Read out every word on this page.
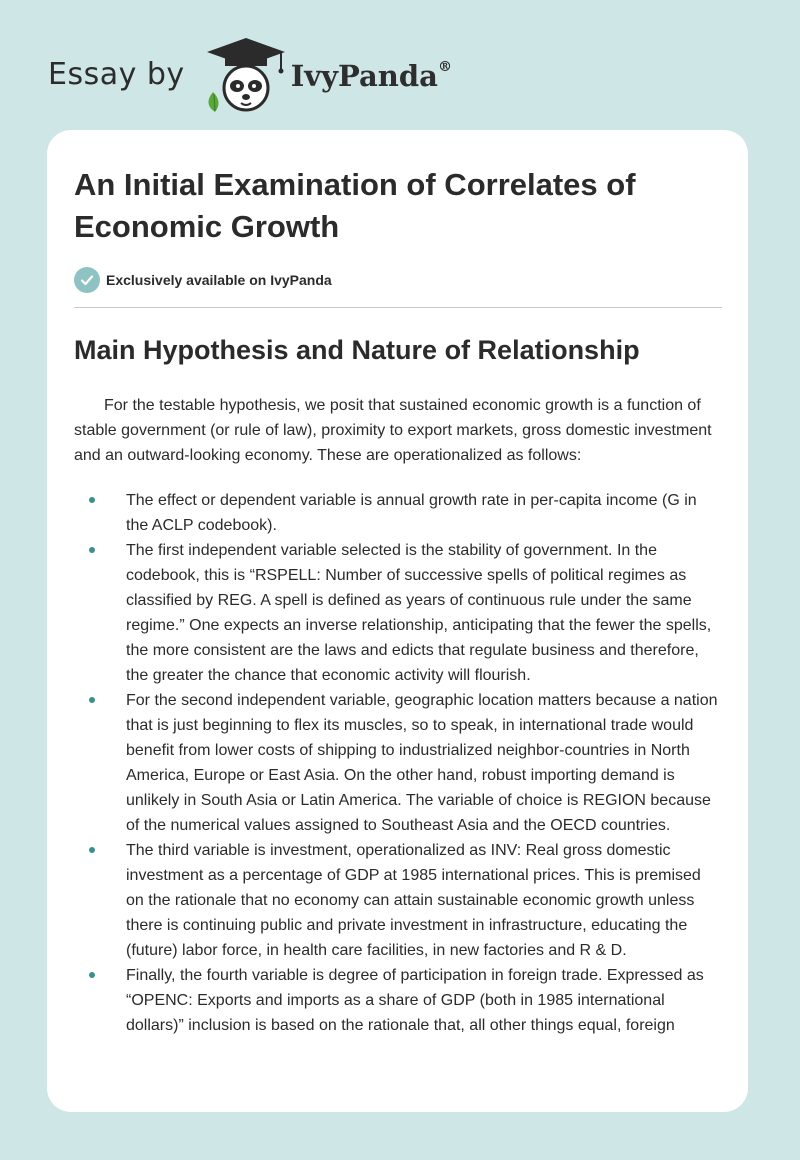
Essay by	IvyPanda®
An Initial Examination of Correlates of Economic Growth
Exclusively available on IvyPanda
Main Hypothesis and Nature of Relationship

For the testable hypothesis, we posit that sustained economic growth is a function of stable government (or rule of law), proximity to export markets, gross domestic investment and an outward-looking economy. These are operationalized as follows:

The effect or dependent variable is annual growth rate in per-capita income (G in the ACLP codebook).
The first independent variable selected is the stability of government. In the codebook, this is “RSPELL: Number of successive spells of political regimes as classified by REG. A spell is defined as years of continuous rule under the same regime.” One expects an inverse relationship, anticipating that the fewer the spells, the more consistent are the laws and edicts that regulate business and therefore, the greater the chance that economic activity will flourish.
For the second independent variable, geographic location matters because a nation that is just beginning to flex its muscles, so to speak, in international trade would benefit from lower costs of shipping to industrialized neighbor-countries in North America, Europe or East Asia. On the other hand, robust importing demand is unlikely in South Asia or Latin America. The variable of choice is REGION because of the numerical values assigned to Southeast Asia and the OECD countries.
The third variable is investment, operationalized as INV: Real gross domestic investment as a percentage of GDP at 1985 international prices. This is premised on the rationale that no economy can attain sustainable economic growth unless there is continuing public and private investment in infrastructure, educating the (future) labor force, in health care facilities, in new factories and R & D.
Finally, the fourth variable is degree of participation in foreign trade. Expressed as “OPENC: Exports and imports as a share of GDP (both in 1985 international dollars)” inclusion is based on the rationale that, all other things equal, foreign
